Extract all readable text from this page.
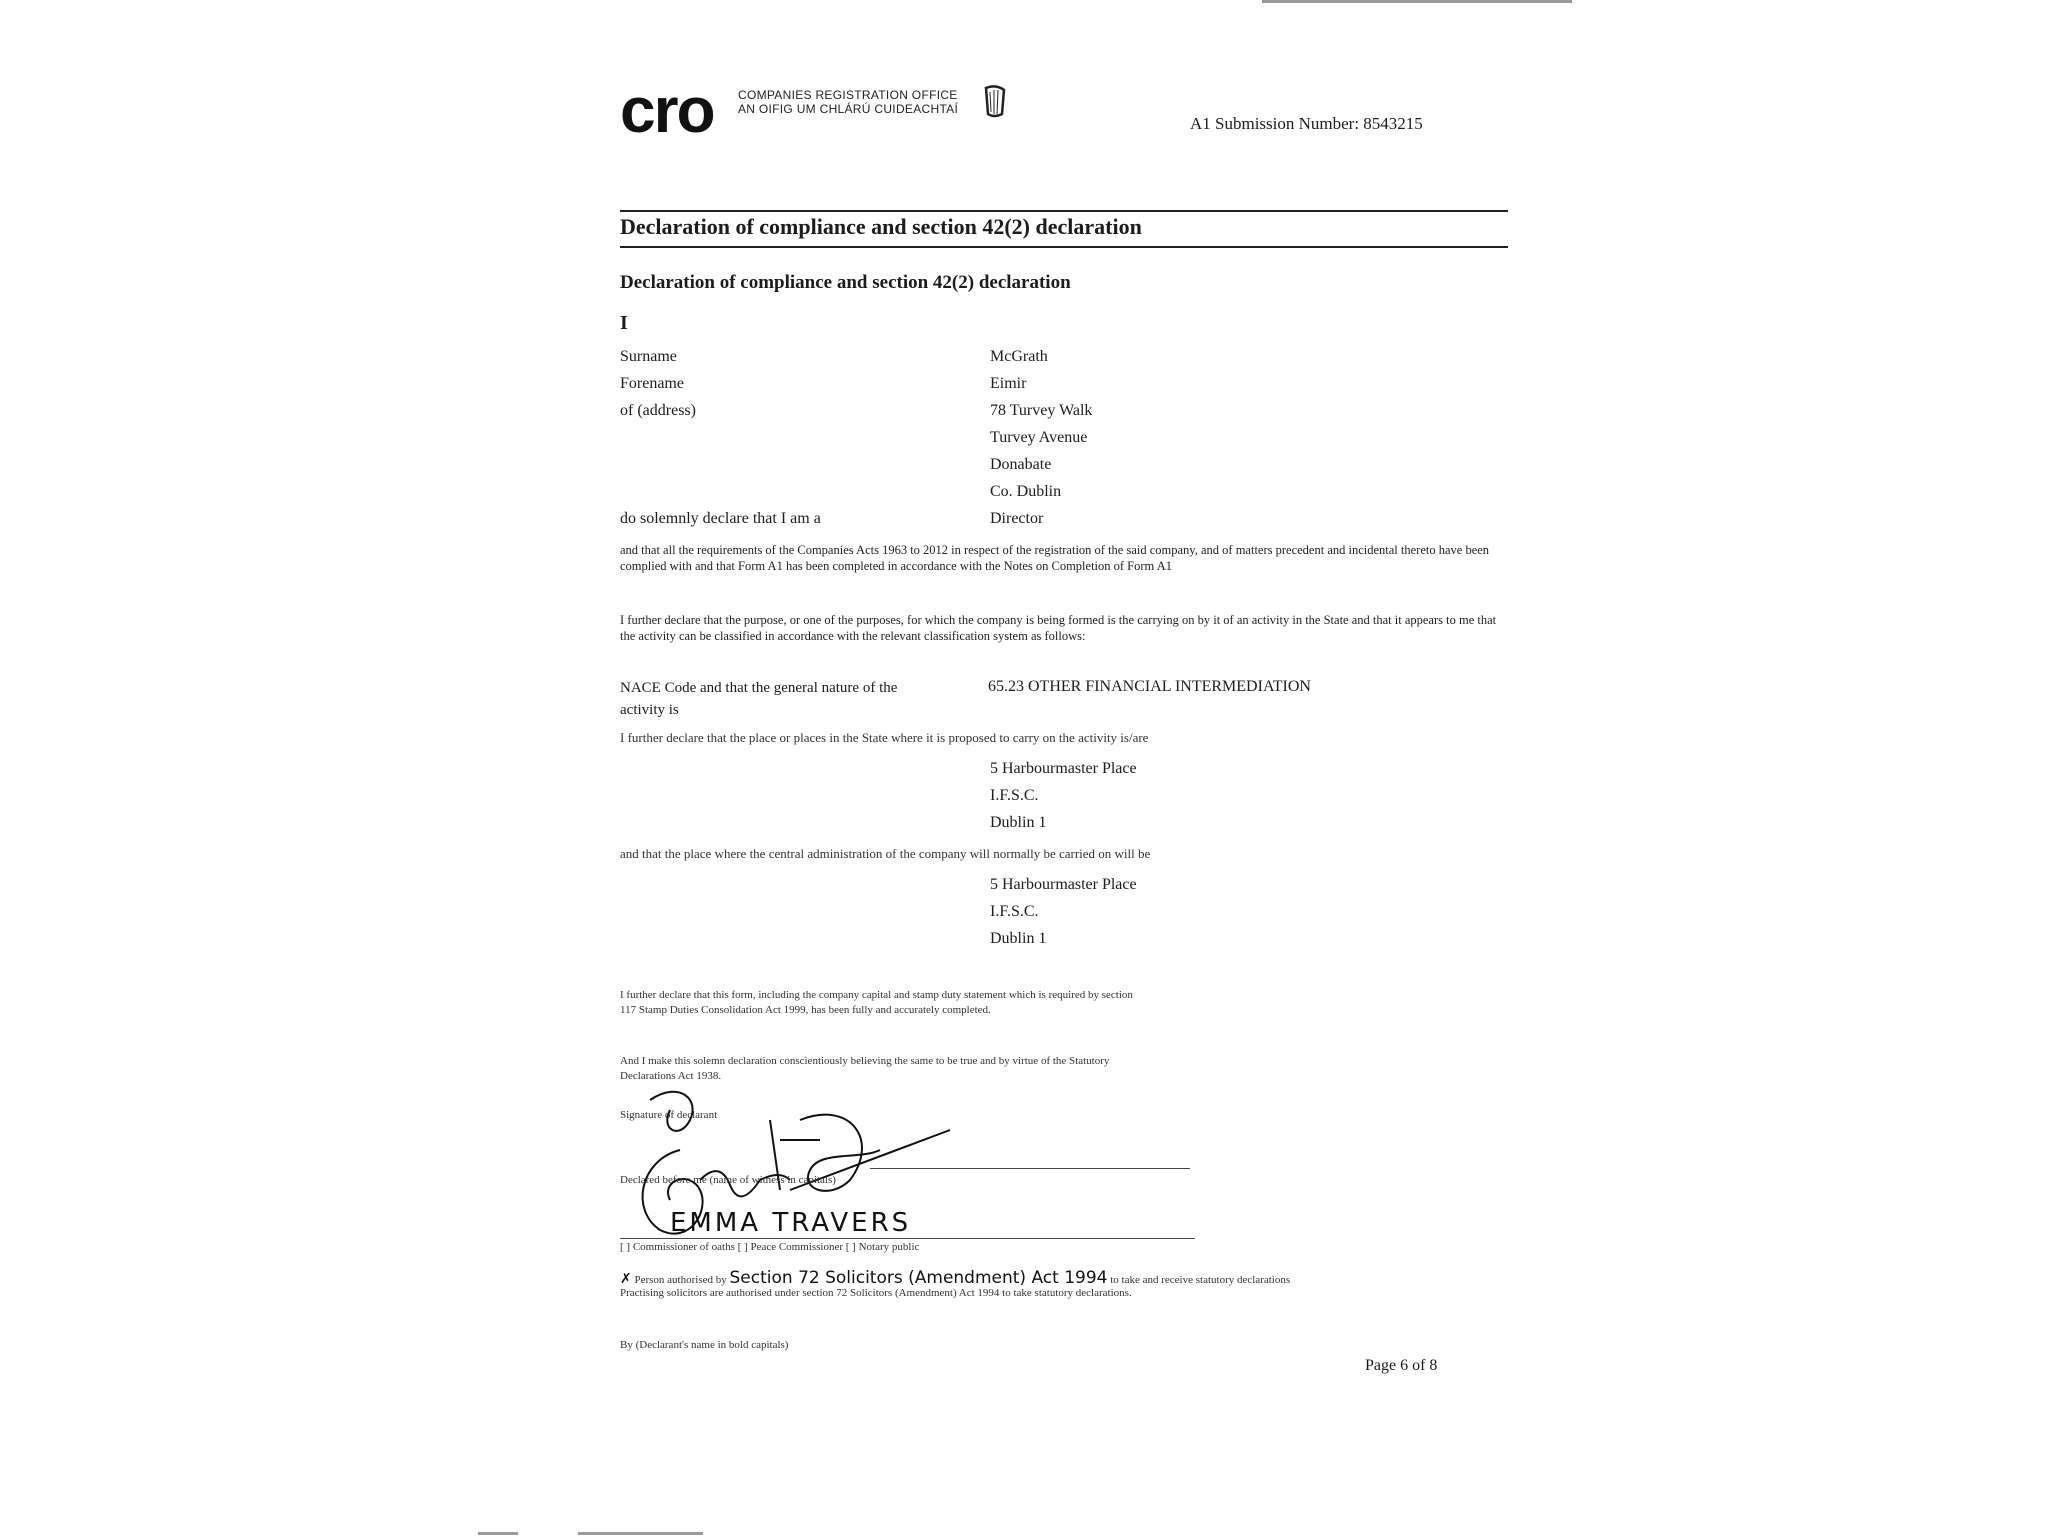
cro COMPANIES REGISTRATION OFFICE
AN OIFIG UM CHLÁRÚ CUIDEACHTAÍ
A1 Submission Number: 8543215
Declaration of compliance and section 42(2) declaration
Declaration of compliance and section 42(2) declaration
I
Surname	McGrath
Forename	Eimir
of (address)	78 Turvey Walk
Turvey Avenue
Donabate
Co. Dublin
do solemnly declare that I am a	Director
and that all the requirements of the Companies Acts 1963 to 2012 in respect of the registration of the said company, and of matters precedent and incidental thereto have been complied with and that Form A1 has been completed in accordance with the Notes on Completion of Form A1
I further declare that the purpose, or one of the purposes, for which the company is being formed is the carrying on by it of an activity in the State and that it appears to me that the activity can be classified in accordance with the relevant classification system as follows:
NACE Code and that the general nature of the
activity is
65.23 OTHER FINANCIAL INTERMEDIATION
I further declare that the place or places in the State where it is proposed to carry on the activity is/are
5 Harbourmaster Place
I.F.S.C.
Dublin 1
and that the place where the central administration of the company will normally be carried on will be
5 Harbourmaster Place
I.F.S.C.
Dublin 1
I further declare that this form, including the company capital and stamp duty statement which is required by section
117 Stamp Duties Consolidation Act 1999, has been fully and accurately completed.
And I make this solemn declaration conscientiously believing the same to be true and by virtue of the Statutory
Declarations Act 1938.
Signature of declarant
Declared before me (name of witness in capitals)
EMMA TRAVERS
[ ] Commissioner of oaths [ ] Peace Commissioner [ ] Notary public
✗ Person authorised by Section 72 Solicitors (Amendment) Act 1994 to take and receive statutory declarations
Practising solicitors are authorised under section 72 Solicitors (Amendment) Act 1994 to take statutory declarations.
By (Declarant's name in bold capitals)
Page 6 of 8
